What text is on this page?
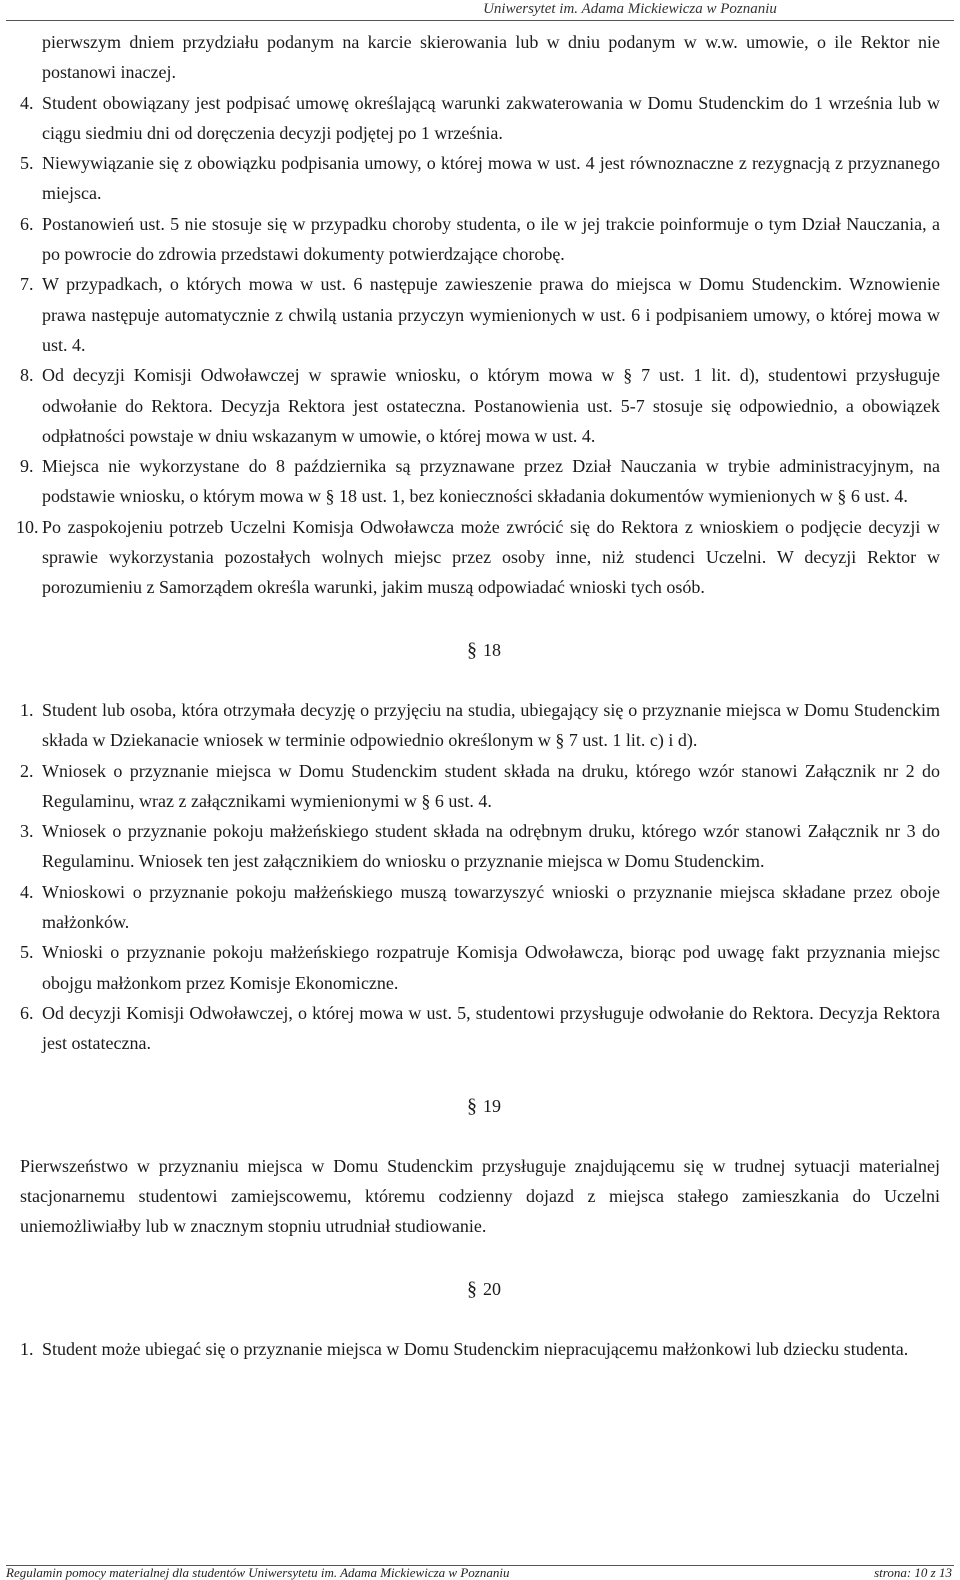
Uniwersytet im. Adama Mickiewicza w Poznaniu
pierwszym dniem przydziału podanym na karcie skierowania lub w dniu podanym w w.w. umowie, o ile Rektor nie postanowi inaczej.
4. Student obowiązany jest podpisać umowę określającą warunki zakwaterowania w Domu Studenckim do 1 września lub w ciągu siedmiu dni od doręczenia decyzji podjętej po 1 września.
5. Niewywiązanie się z obowiązku podpisania umowy, o której mowa w ust. 4 jest równoznaczne z rezygnacją z przyznanego miejsca.
6. Postanowień ust. 5 nie stosuje się w przypadku choroby studenta, o ile w jej trakcie poinformuje o tym Dział Nauczania, a po powrocie do zdrowia przedstawi dokumenty potwierdzające chorobę.
7. W przypadkach, o których mowa w ust. 6 następuje zawieszenie prawa do miejsca w Domu Studenckim. Wznowienie prawa następuje automatycznie z chwilą ustania przyczyn wymienionych w ust. 6 i podpisaniem umowy, o której mowa w ust. 4.
8. Od decyzji Komisji Odwoławczej w sprawie wniosku, o którym mowa w § 7 ust. 1 lit. d), studentowi przysługuje odwołanie do Rektora. Decyzja Rektora jest ostateczna. Postanowienia ust. 5-7 stosuje się odpowiednio, a obowiązek odpłatności powstaje w dniu wskazanym w umowie, o której mowa w ust. 4.
9. Miejsca nie wykorzystane do 8 października są przyznawane przez Dział Nauczania w trybie administracyjnym, na podstawie wniosku, o którym mowa w § 18 ust. 1, bez konieczności składania dokumentów wymienionych w § 6 ust. 4.
10. Po zaspokojeniu potrzeb Uczelni Komisja Odwoławcza może zwrócić się do Rektora z wnioskiem o podjęcie decyzji w sprawie wykorzystania pozostałych wolnych miejsc przez osoby inne, niż studenci Uczelni. W decyzji Rektor w porozumieniu z Samorządem określa warunki, jakim muszą odpowiadać wnioski tych osób.
§ 18
1. Student lub osoba, która otrzymała decyzję o przyjęciu na studia, ubiegający się o przyznanie miejsca w Domu Studenckim składa w Dziekanacie wniosek w terminie odpowiednio określonym w § 7 ust. 1 lit. c) i d).
2. Wniosek o przyznanie miejsca w Domu Studenckim student składa na druku, którego wzór stanowi Załącznik nr 2 do Regulaminu, wraz z załącznikami wymienionymi w § 6 ust. 4.
3. Wniosek o przyznanie pokoju małżeńskiego student składa na odrębnym druku, którego wzór stanowi Załącznik nr 3 do Regulaminu. Wniosek ten jest załącznikiem do wniosku o przyznanie miejsca w Domu Studenckim.
4. Wnioskowi o przyznanie pokoju małżeńskiego muszą towarzyszyć wnioski o przyznanie miejsca składane przez oboje małżonków.
5. Wnioski o przyznanie pokoju małżeńskiego rozpatruje Komisja Odwoławcza, biorąc pod uwagę fakt przyznania miejsc obojgu małżonkom przez Komisje Ekonomiczne.
6. Od decyzji Komisji Odwoławczej, o której mowa w ust. 5, studentowi przysługuje odwołanie do Rektora. Decyzja Rektora jest ostateczna.
§ 19
Pierwszeństwo w przyznaniu miejsca w Domu Studenckim przysługuje znajdującemu się w trudnej sytuacji materialnej stacjonarnemu studentowi zamiejscowemu, któremu codzienny dojazd z miejsca stałego zamieszkania do Uczelni uniemożliwiałby lub w znacznym stopniu utrudniał studiowanie.
§ 20
1. Student może ubiegać się o przyznanie miejsca w Domu Studenckim niepracującemu małżonkowi lub dziecku studenta.
Regulamin pomocy materialnej dla studentów Uniwersytetu im. Adama Mickiewicza w Poznaniu	strona: 10 z 13
